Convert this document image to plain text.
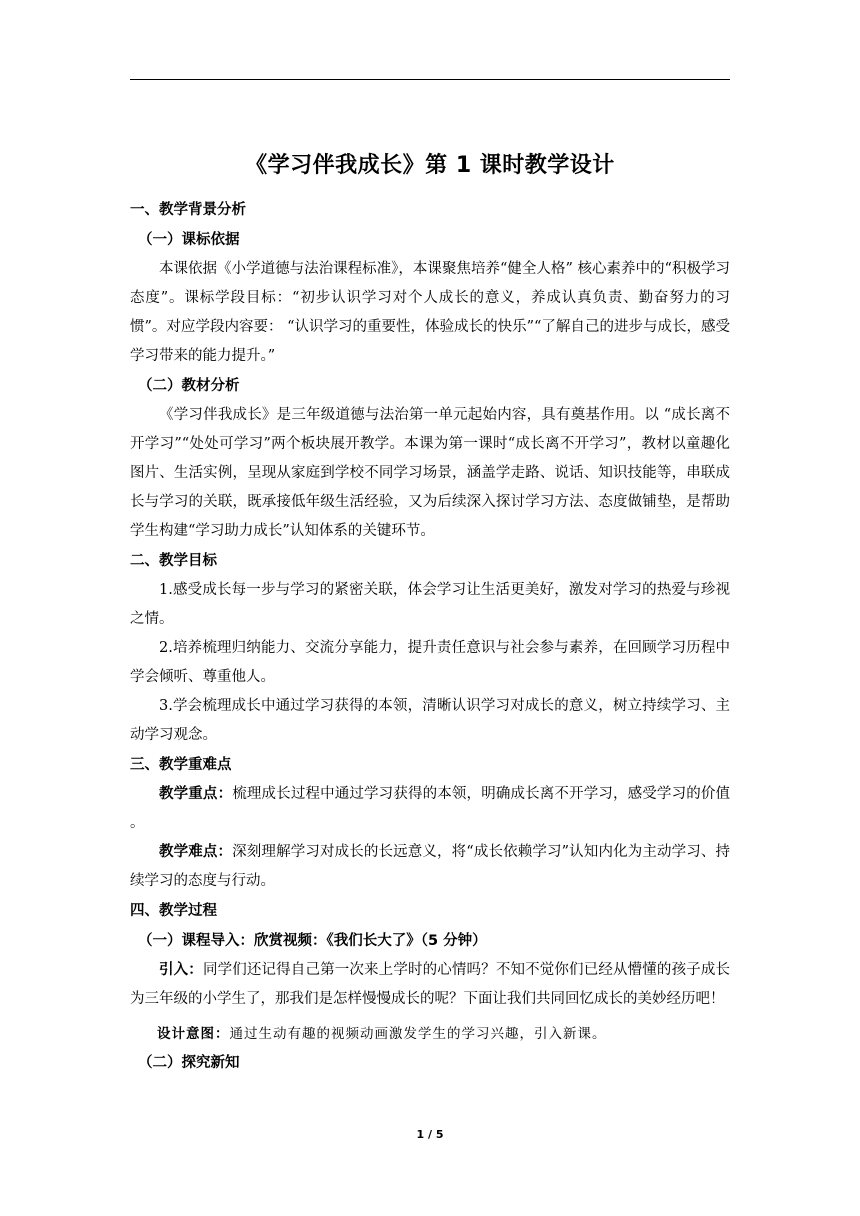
《学习伴我成长》第 1 课时教学设计
一、教学背景分析
（一）课标依据

本课依据《小学道德与法治课程标准》，本课聚焦培养“健全人格” 核心素养中的“积极学习态度”。课标学段目标：“初步认识学习对个人成长的意义，养成认真负责、勤奋努力的习惯”。对应学段内容要： “认识学习的重要性，体验成长的快乐”“了解自己的进步与成长，感受学习带来的能力提升。”

（二）教材分析

《学习伴我成长》是三年级道德与法治第一单元起始内容，具有奠基作用。以 “成长离不开学习”“处处可学习”两个板块展开教学。本课为第一课时“成长离不开学习”，教材以童趣化图片、生活实例，呈现从家庭到学校不同学习场景，涵盖学走路、说话、知识技能等，串联成长与学习的关联，既承接低年级生活经验，又为后续深入探讨学习方法、态度做铺垫，是帮助学生构建“学习助力成长”认知体系的关键环节。

二、教学目标

1.感受成长每一步与学习的紧密关联，体会学习让生活更美好，激发对学习的热爱与珍视之情。

2.培养梳理归纳能力、交流分享能力，提升责任意识与社会参与素养，在回顾学习历程中学会倾听、尊重他人。

3.学会梳理成长中通过学习获得的本领，清晰认识学习对成长的意义，树立持续学习、主动学习观念。

三、教学重难点

教学重点：梳理成长过程中通过学习获得的本领，明确成长离不开学习，感受学习的价值 。

教学难点：深刻理解学习对成长的长远意义，将“成长依赖学习”认知内化为主动学习、持续学习的态度与行动。

四、教学过程
（一）课程导入：欣赏视频：《我们长大了》（5 分钟）

引入：同学们还记得自己第一次来上学时的心情吗？不知不觉你们已经从懵懂的孩子成长为三年级的小学生了，那我们是怎样慢慢成长的呢？下面让我们共同回忆成长的美妙经历吧！

设计意图：通过生动有趣的视频动画激发学生的学习兴趣，引入新课。

（二）探究新知
1 / 5
